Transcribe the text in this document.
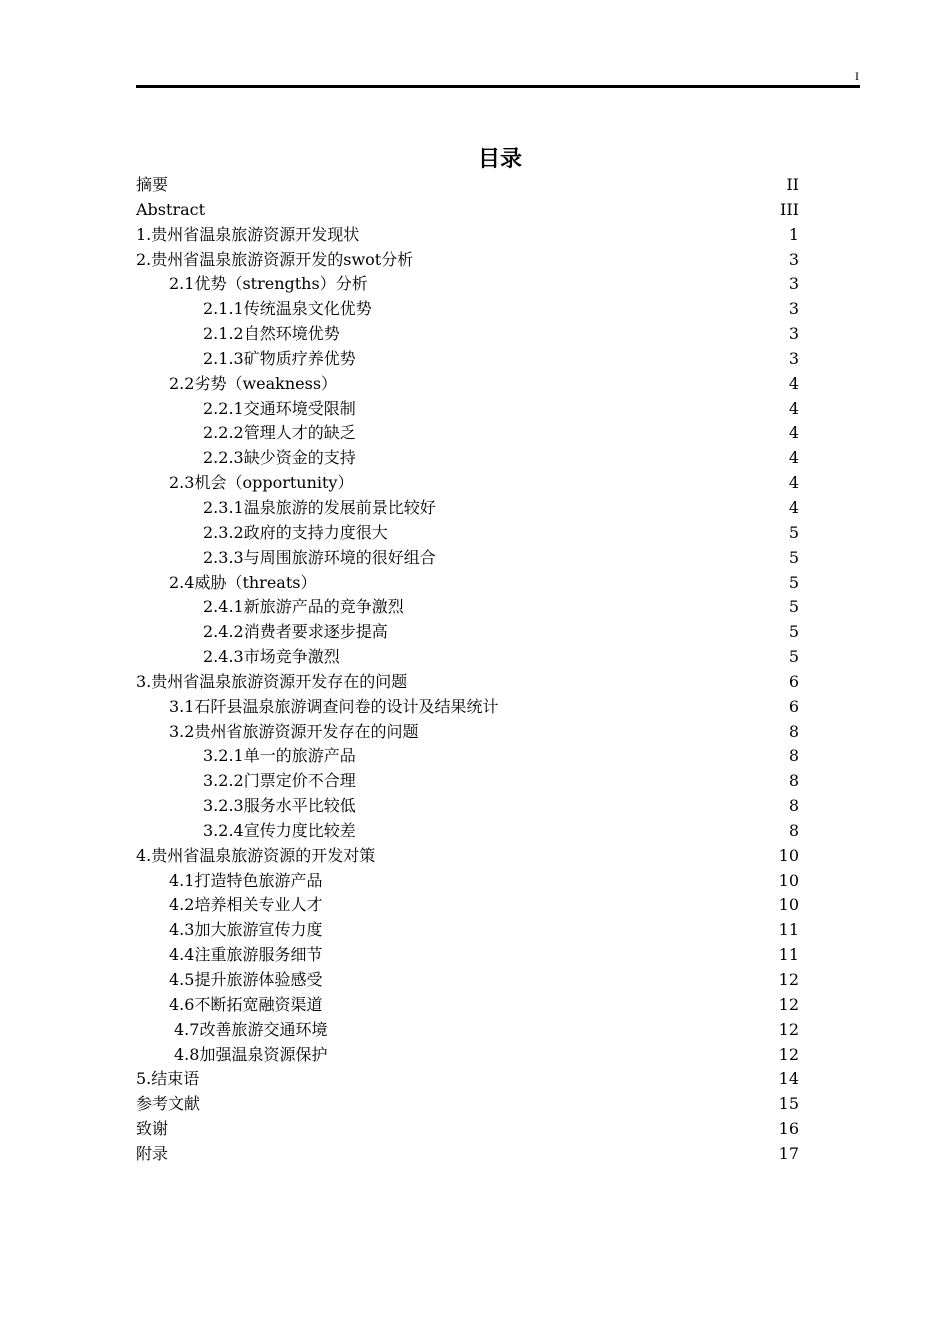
I
目录
摘要	II
Abstract	III
1.贵州省温泉旅游资源开发现状	1
2.贵州省温泉旅游资源开发的swot分析	3
2.1优势（strengths）分析	3
2.1.1传统温泉文化优势	3
2.1.2自然环境优势	3
2.1.3矿物质疗养优势	3
2.2劣势（weakness）	4
2.2.1交通环境受限制	4
2.2.2管理人才的缺乏	4
2.2.3缺少资金的支持	4
2.3机会（opportunity）	4
2.3.1温泉旅游的发展前景比较好	4
2.3.2政府的支持力度很大	5
2.3.3与周围旅游环境的很好组合	5
2.4威胁（threats）	5
2.4.1新旅游产品的竞争激烈	5
2.4.2消费者要求逐步提高	5
2.4.3市场竞争激烈	5
3.贵州省温泉旅游资源开发存在的问题	6
3.1石阡县温泉旅游调查问卷的设计及结果统计	6
3.2贵州省旅游资源开发存在的问题	8
3.2.1单一的旅游产品	8
3.2.2门票定价不合理	8
3.2.3服务水平比较低	8
3.2.4宣传力度比较差	8
4.贵州省温泉旅游资源的开发对策	10
4.1打造特色旅游产品	10
4.2培养相关专业人才	10
4.3加大旅游宣传力度	11
4.4注重旅游服务细节	11
4.5提升旅游体验感受	12
4.6不断拓宽融资渠道	12
4.7改善旅游交通环境	12
4.8加强温泉资源保护	12
5.结束语	14
参考文献	15
致谢	16
附录	17
